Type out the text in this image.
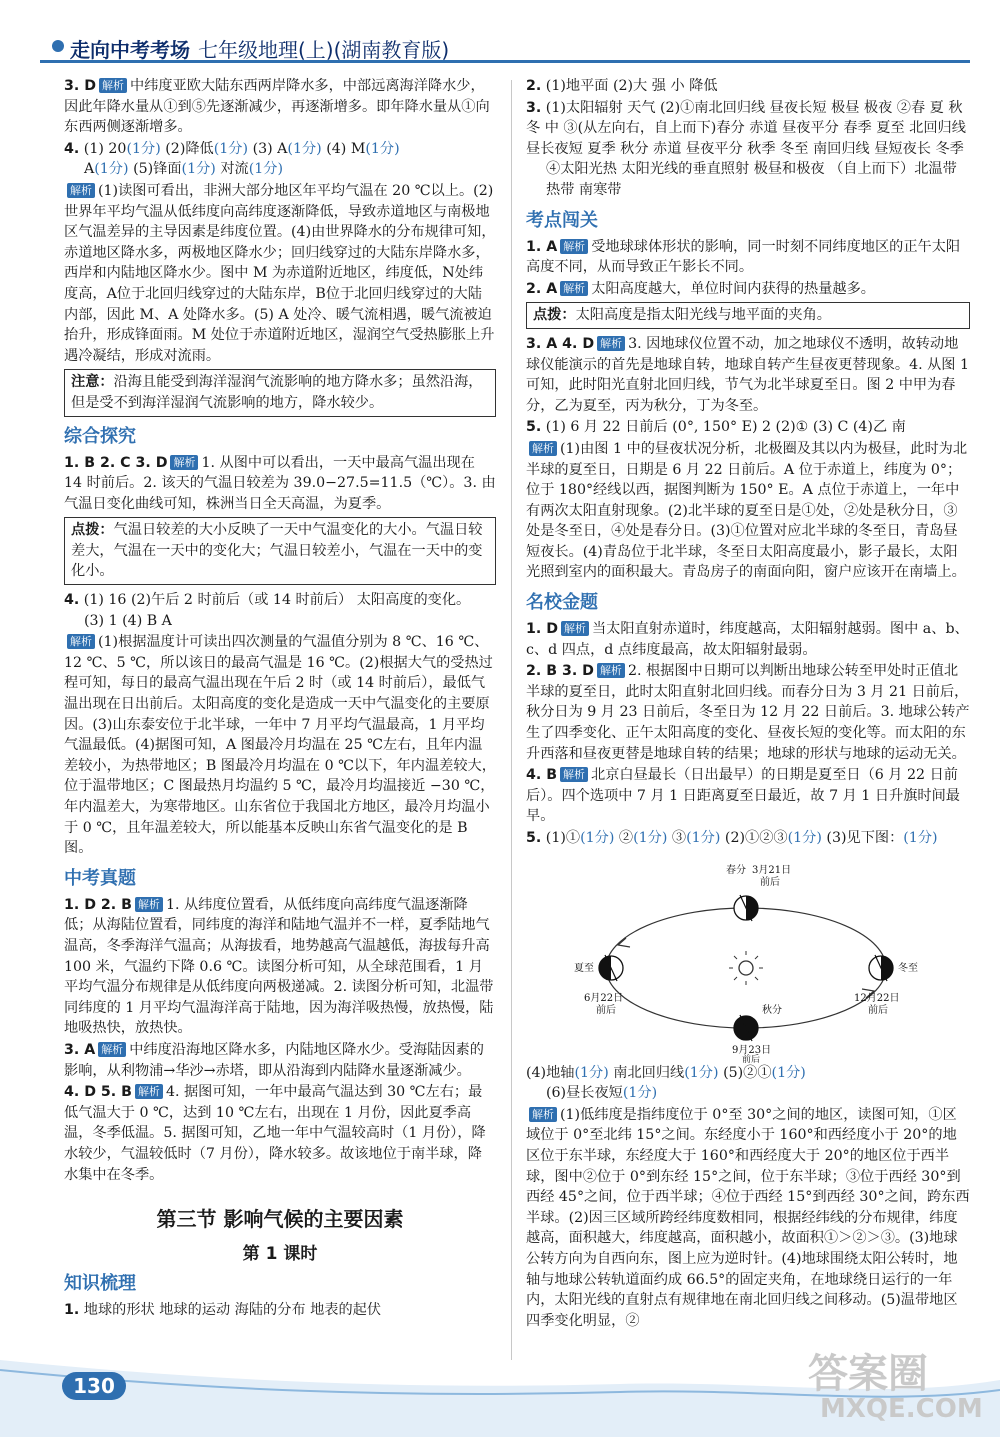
走向中考考场 七年级地理(上)(湖南教育版)
3. D 解析 中纬度亚欧大陆东西两岸降水多，中部远离海洋降水少，因此年降水量从①到⑤先逐渐减少，再逐渐增多。即年降水量从①向东西两侧逐渐增多。
4. (1) 20(1分) (2)降低(1分) (3) A(1分) (4) M(1分)
A(1分) (5)锋面(1分) 对流(1分)
解析 (1)读图可看出，非洲大部分地区年平均气温在 20 ℃以上。(2)世界年平均气温从低纬度向高纬度逐渐降低，导致赤道地区与南极地区气温差异的主导因素是纬度位置。(4)由世界降水的分布规律可知，赤道地区降水多，两极地区降水少；回归线穿过的大陆东岸降水多，西岸和内陆地区降水少。图中 M 为赤道附近地区，纬度低，N处纬度高，A位于北回归线穿过的大陆东岸，B位于北回归线穿过的大陆内部，因此 M、A 处降水多。(5) A 处冷、暖气流相遇，暖气流被迫抬升，形成锋面雨。M 处位于赤道附近地区，湿润空气受热膨胀上升遇冷凝结，形成对流雨。
注意：沿海且能受到海洋湿润气流影响的地方降水多；虽然沿海，但是受不到海洋湿润气流影响的地方，降水较少。
综合探究
1. B 2. C 3. D 解析 1. 从图中可以看出，一天中最高气温出现在 14 时前后。2. 该天的气温日较差为 39.0−27.5=11.5（℃）。3. 由气温日变化曲线可知，株洲当日全天高温，为夏季。
点拨：气温日较差的大小反映了一天中气温变化的大小。气温日较差大，气温在一天中的变化大；气温日较差小，气温在一天中的变化小。
4. (1) 16 (2)午后 2 时前后（或 14 时前后） 太阳高度的变化。
(3) 1 (4) B A
解析 (1)根据温度计可读出四次测量的气温值分别为 8 ℃、16 ℃、12 ℃、5 ℃，所以该日的最高气温是 16 ℃。(2)根据大气的受热过程可知，每日的最高气温出现在午后 2 时（或 14 时前后），最低气温出现在日出前后。太阳高度的变化是造成一天中气温变化的主要原因。(3)山东泰安位于北半球，一年中 7 月平均气温最高，1 月平均气温最低。(4)据图可知，A 图最冷月均温在 25 ℃左右，且年内温差较小，为热带地区；B 图最冷月均温在 0 ℃以下，年内温差较大，位于温带地区；C 图最热月均温约 5 ℃，最冷月均温接近 −30 ℃，年内温差大，为寒带地区。山东省位于我国北方地区，最冷月均温小于 0 ℃，且年温差较大，所以能基本反映山东省气温变化的是 B 图。
中考真题
1. D 2. B 解析 1. 从纬度位置看，从低纬度向高纬度气温逐渐降低；从海陆位置看，同纬度的海洋和陆地气温并不一样，夏季陆地气温高，冬季海洋气温高；从海拔看，地势越高气温越低，海拔每升高 100 米，气温约下降 0.6 ℃。读图分析可知，从全球范围看，1 月平均气温分布规律是从低纬度向两极递减。2. 读图分析可知，北温带同纬度的 1 月平均气温海洋高于陆地，因为海洋吸热慢，放热慢，陆地吸热快，放热快。
3. A 解析 中纬度沿海地区降水多，内陆地区降水少。受海陆因素的影响，从利物浦→华沙→赤塔，即从沿海到内陆降水量逐渐减少。
4. D 5. B 解析 4. 据图可知，一年中最高气温达到 30 ℃左右；最低气温大于 0 ℃，达到 10 ℃左右，出现在 1 月份，因此夏季高温，冬季低温。5. 据图可知，乙地一年中气温较高时（1 月份），降水较少，气温较低时（7 月份），降水较多。故该地位于南半球，降水集中在冬季。
第三节 影响气候的主要因素
第 1 课时
知识梳理
1. 地球的形状 地球的运动 海陆的分布 地表的起伏
2. (1)地平面 (2)大 强 小 降低
3. (1)太阳辐射 天气 (2)①南北回归线 昼夜长短 极昼 极夜 ②春 夏 秋 冬 中 ③(从左向右，自上而下)春分 赤道 昼夜平分 春季 夏至 北回归线 昼长夜短 夏季 秋分 赤道 昼夜平分 秋季 冬至 南回归线 昼短夜长 冬季
④太阳光热 太阳光线的垂直照射 极昼和极夜 （自上而下）北温带 热带 南寒带
考点闯关
1. A 解析 受地球球体形状的影响，同一时刻不同纬度地区的正午太阳高度不同，从而导致正午影长不同。
2. A 解析 太阳高度越大，单位时间内获得的热量越多。
点拨：太阳高度是指太阳光线与地平面的夹角。
3. A 4. D 解析 3. 因地球仪位置不动，加之地球仪不透明，故转动地球仪能演示的首先是地球自转，地球自转产生昼夜更替现象。4. 从图 1 可知，此时阳光直射北回归线，节气为北半球夏至日。图 2 中甲为春分，乙为夏至，丙为秋分，丁为冬至。
5. (1) 6 月 22 日前后 (0°, 150° E) 2 (2)① (3) C (4)乙 南
解析 (1)由图 1 中的昼夜状况分析，北极圈及其以内为极昼，此时为北半球的夏至日，日期是 6 月 22 日前后。A 位于赤道上，纬度为 0°；位于 180°经线以西，据图判断为 150° E。A 点位于赤道上，一年中有两次太阳直射现象。(2)北半球的夏至日是①处，②处是秋分日，③处是冬至日，④处是春分日。(3)①位置对应北半球的冬至日，青岛昼短夜长。(4)青岛位于北半球，冬至日太阳高度最小，影子最长，太阳光照到室内的面积最大。青岛房子的南面向阳，窗户应该开在南墙上。
名校金题
1. D 解析 当太阳直射赤道时，纬度越高，太阳辐射越弱。图中 a、b、c、d 四点，d 点纬度最高，故太阳辐射最弱。
2. B 3. D 解析 2. 根据图中日期可以判断出地球公转至甲处时正值北半球的夏至日，此时太阳直射北回归线。而春分日为 3 月 21 日前后，秋分日为 9 月 23 日前后，冬至日为 12 月 22 日前后。3. 地球公转产生了四季变化、正午太阳高度的变化、昼夜长短的变化等。而太阳的东升西落和昼夜更替是地球自转的结果；地球的形状与地球的运动无关。
4. B 解析 北京白昼最长（日出最早）的日期是夏至日（6 月 22 日前后）。四个选项中 7 月 1 日距离夏至日最近，故 7 月 1 日升旗时间最早。
5. (1)①(1分) ②(1分) ③(1分) (2)①②③(1分) (3)见下图：(1分)
春分 3月21日
前后
夏至
6月22日
前后
冬至
12月22日
前后
秋分
9月23日
前后
(4)地轴(1分) 南北回归线(1分) (5)②①(1分)
(6)昼长夜短(1分)
解析 (1)低纬度是指纬度位于 0°至 30°之间的地区，读图可知，①区域位于 0°至北纬 15°之间。东经度小于 160°和西经度小于 20°的地区位于东半球，东经度大于 160°和西经度大于 20°的地区位于西半球，图中②位于 0°到东经 15°之间，位于东半球；③位于西经 30°到西经 45°之间，位于西半球；④位于西经 15°到西经 30°之间，跨东西半球。(2)因三区域所跨经纬度数相同，根据经纬线的分布规律，纬度越高，面积越大，纬度越高，面积越小，故面积①＞②＞③。(3)地球公转方向为自西向东，图上应为逆时针。(4)地球围绕太阳公转时，地轴与地球公转轨道面约成 66.5°的固定夹角，在地球绕日运行的一年内，太阳光线的直射点有规律地在南北回归线之间移动。(5)温带地区四季变化明显，②
130	答案圈
MXQE.COM
